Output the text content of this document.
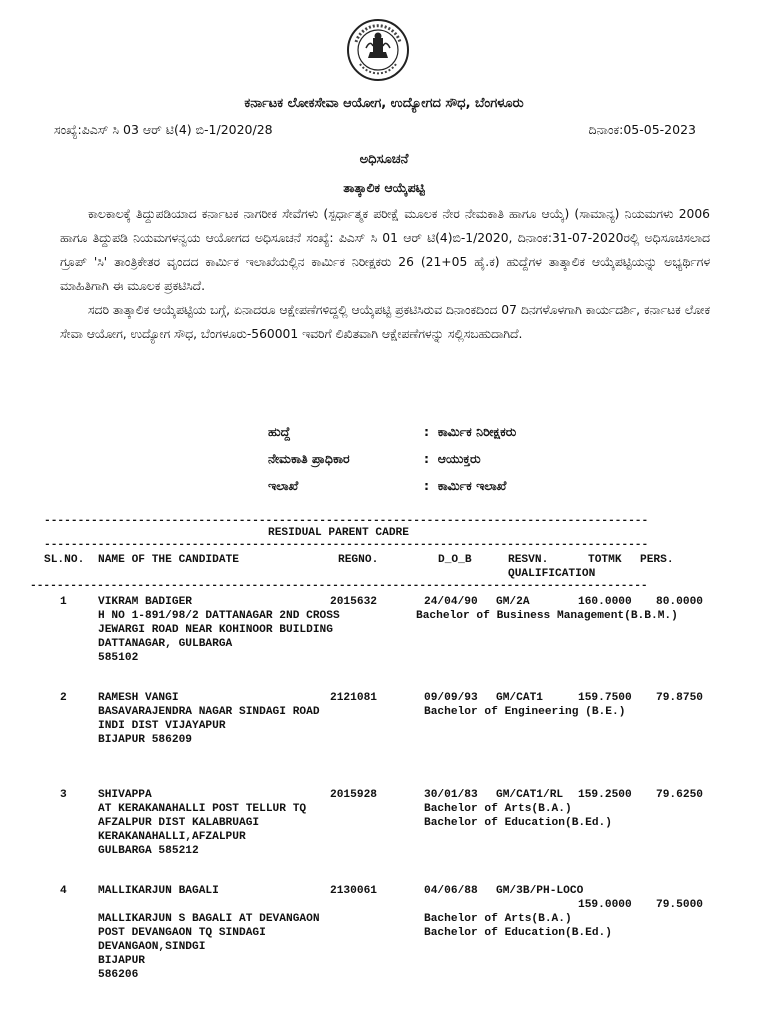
ಕರ್ನಾಟಕ ಲೋಕಸೇವಾ ಆಯೋಗ, ಉದ್ಯೋಗದ ಸೌಧ, ಬೆಂಗಳೂರು
ಸಂಖ್ಯೆ:ಪಿಎಸ್ ಸಿ 03 ಆರ್ ಟಿ(4) ಬಿ-1/2020/28	ದಿನಾಂಕ:05-05-2023
ಅಧಿಸೂಚನೆ
ತಾತ್ಕಾಲಿಕ ಆಯ್ಕೆಪಟ್ಟಿ

ಕಾಲಕಾಲಕ್ಕೆ ತಿದ್ದುಪಡಿಯಾದ ಕರ್ನಾಟಕ ನಾಗರೀಕ ಸೇವೆಗಳು (ಸ್ಪರ್ಧಾತ್ಮಕ ಪರೀಕ್ಷೆ ಮೂಲಕ ನೇರ ನೇಮಕಾತಿ ಹಾಗೂ ಆಯ್ಕೆ) (ಸಾಮಾನ್ಯ) ನಿಯಮಗಳು 2006 ಹಾಗೂ ತಿದ್ದುಪಡಿ ನಿಯಮಗಳನ್ವಯ ಆಯೋಗದ ಅಧಿಸೂಚನೆ ಸಂಖ್ಯೆ: ಪಿಎಸ್ ಸಿ 01 ಆರ್ ಟಿ(4)ಬಿ-1/2020, ದಿನಾಂಕ:31-07-2020ರಲ್ಲಿ ಅಧಿಸೂಚಿಸಲಾದ ಗ್ರೂಪ್ 'ಸಿ' ತಾಂತ್ರಿಕೇತರ ವೃಂದದ ಕಾರ್ಮಿಕ ಇಲಾಖೆಯಲ್ಲಿನ ಕಾರ್ಮಿಕ ನಿರೀಕ್ಷಕರು 26 (21+05 ಹೈ.ಕ) ಹುದ್ದೆಗಳ ತಾತ್ಕಾಲಿಕ ಆಯ್ಕೆಪಟ್ಟಿಯನ್ನು ಅಭ್ಯರ್ಥಿಗಳ ಮಾಹಿತಿಗಾಗಿ ಈ ಮೂಲಕ ಪ್ರಕಟಿಸಿದೆ.

ಸದರಿ ತಾತ್ಕಾಲಿಕ ಆಯ್ಕೆಪಟ್ಟಿಯ ಬಗ್ಗೆ, ಏನಾದರೂ ಆಕ್ಷೇಪಣೆಗಳಿದ್ದಲ್ಲಿ ಆಯ್ಕೆಪಟ್ಟಿ ಪ್ರಕಟಿಸಿರುವ ದಿನಾಂಕದಿಂದ 07 ದಿನಗಳೊಳಗಾಗಿ ಕಾರ್ಯದರ್ಶಿ, ಕರ್ನಾಟಕ ಲೋಕ ಸೇವಾ ಆಯೋಗ, ಉದ್ಯೋಗ ಸೌಧ, ಬೆಂಗಳೂರು-560001 ಇವರಿಗೆ ಲಿಖಿತವಾಗಿ ಆಕ್ಷೇಪಣೆಗಳನ್ನು ಸಲ್ಲಿಸಬಹುದಾಗಿದೆ.

ಹುದ್ದೆ	:  ಕಾರ್ಮಿಕ ನಿರೀಕ್ಷಕರು
ನೇಮಕಾತಿ ಪ್ರಾಧಿಕಾರ	:  ಆಯುಕ್ತರು
ಇಲಾಖೆ	:  ಕಾರ್ಮಿಕ ಇಲಾಖೆ
------------------------------------------------------------------------------------------
RESIDUAL PARENT CADRE
------------------------------------------------------------------------------------------
SL.NO. NAME OF THE CANDIDATE	REGNO.	D_O_B	RESVN.	TOTMK PERS.
QUALIFICATION
--------------------------------------------------------------------------------------------
1	VIKRAM BADIGER	2015632	24/04/90 GM/2A	160.0000 80.0000
H NO 1-891/98/2 DATTANAGAR 2ND CROSS	Bachelor of Business Management(B.B.M.)
JEWARGI ROAD NEAR KOHINOOR BUILDING
DATTANAGAR, GULBARGA
585102
2	RAMESH VANGI	2121081	09/09/93 GM/CAT1	159.7500 79.8750
BASAVARAJENDRA NAGAR SINDAGI ROAD	Bachelor of Engineering (B.E.)
INDI DIST VIJAYAPUR
BIJAPUR 586209
3	SHIVAPPA	2015928	30/01/83 GM/CAT1/RL 159.2500 79.6250
AT KERAKANAHALLI POST TELLUR TQ	Bachelor of Arts(B.A.)
AFZALPUR DIST KALABRUAGI	Bachelor of Education(B.Ed.)
KERAKANAHALLI,AFZALPUR
GULBARGA 585212
4	MALLIKARJUN BAGALI	2130061	04/06/88 GM/3B/PH-LOCO
159.0000 79.5000
MALLIKARJUN S BAGALI AT DEVANGAON	Bachelor of Arts(B.A.)
POST DEVANGAON TQ SINDAGI	Bachelor of Education(B.Ed.)
DEVANGAON,SINDGI
BIJAPUR
586206
